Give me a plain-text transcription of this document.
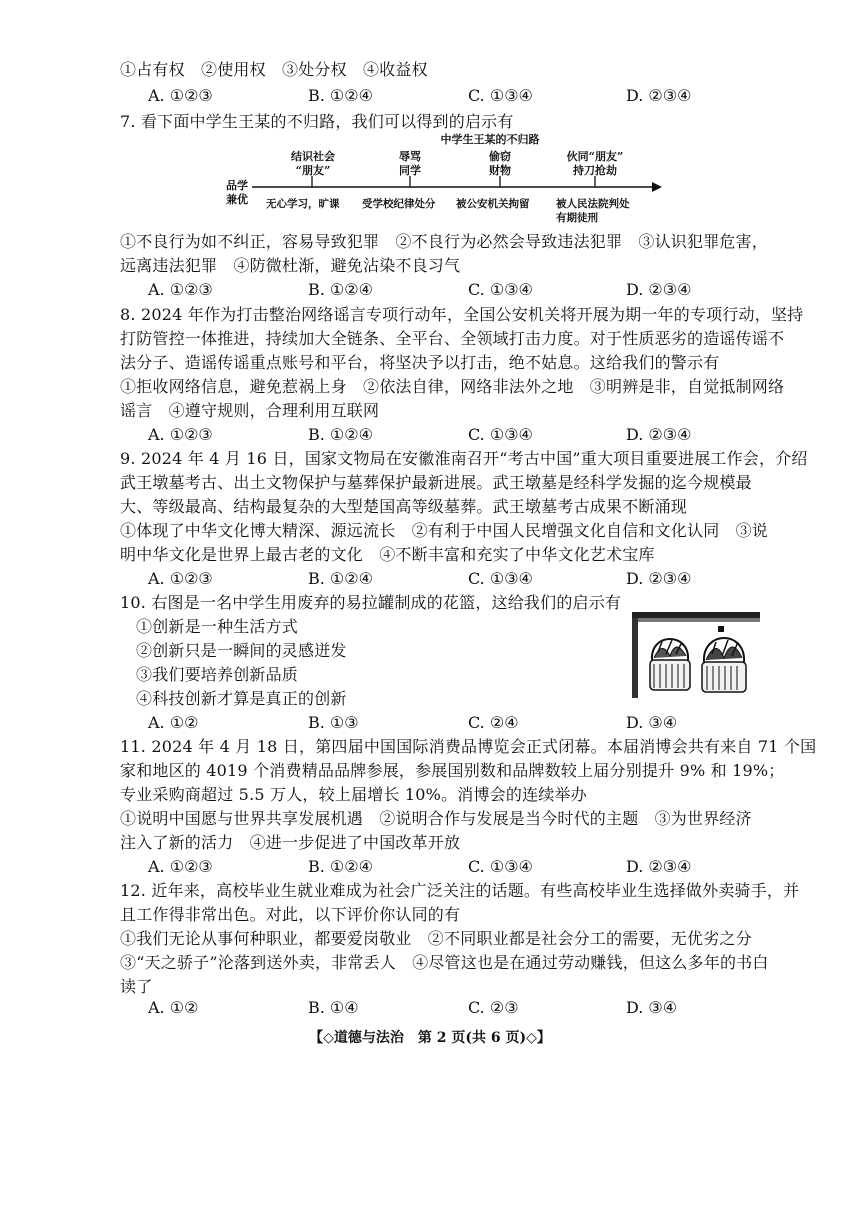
①占有权　②使用权　③处分权　④收益权
A. ①②③	B. ①②④	C. ①③④	D. ②③④
7. 看下面中学生王某的不归路，我们可以得到的启示有
中学生王某的不归路
品学
兼优
结识社会
“朋友”
辱骂
同学
偷窃
财物
伙同“朋友”
持刀抢劫
无心学习，旷课 受学校纪律处分 被公安机关拘留	被人民法院判处
有期徒刑
①不良行为如不纠正，容易导致犯罪　②不良行为必然会导致违法犯罪　③认识犯罪危害，
远离违法犯罪　④防微杜渐，避免沾染不良习气
A. ①②③	B. ①②④	C. ①③④	D. ②③④
8. 2024 年作为打击整治网络谣言专项行动年，全国公安机关将开展为期一年的专项行动，坚持
打防管控一体推进，持续加大全链条、全平台、全领域打击力度。对于性质恶劣的造谣传谣不
法分子、造谣传谣重点账号和平台，将坚决予以打击，绝不姑息。这给我们的警示有
①拒收网络信息，避免惹祸上身　②依法自律，网络非法外之地　③明辨是非，自觉抵制网络
谣言　④遵守规则，合理利用互联网
A. ①②③	B. ①②④	C. ①③④	D. ②③④
9. 2024 年 4 月 16 日，国家文物局在安徽淮南召开“考古中国”重大项目重要进展工作会，介绍
武王墩墓考古、出土文物保护与墓葬保护最新进展。武王墩墓是经科学发掘的迄今规模最
大、等级最高、结构最复杂的大型楚国高等级墓葬。武王墩墓考古成果不断涌现
①体现了中华文化博大精深、源远流长　②有利于中国人民增强文化自信和文化认同　③说
明中华文化是世界上最古老的文化　④不断丰富和充实了中华文化艺术宝库
A. ①②③	B. ①②④	C. ①③④	D. ②③④
10. 右图是一名中学生用废弃的易拉罐制成的花篮，这给我们的启示有
①创新是一种生活方式
②创新只是一瞬间的灵感迸发
③我们要培养创新品质
④科技创新才算是真正的创新
A. ①②	B. ①③	C. ②④	D. ③④
11. 2024 年 4 月 18 日，第四届中国国际消费品博览会正式闭幕。本届消博会共有来自 71 个国
家和地区的 4019 个消费精品品牌参展，参展国别数和品牌数较上届分别提升 9% 和 19%；
专业采购商超过 5.5 万人，较上届增长 10%。消博会的连续举办
①说明中国愿与世界共享发展机遇　②说明合作与发展是当今时代的主题　③为世界经济
注入了新的活力　④进一步促进了中国改革开放
A. ①②③	B. ①②④	C. ①③④	D. ②③④
12. 近年来，高校毕业生就业难成为社会广泛关注的话题。有些高校毕业生选择做外卖骑手，并
且工作得非常出色。对此，以下评价你认同的有
①我们无论从事何种职业，都要爱岗敬业　②不同职业都是社会分工的需要，无优劣之分
③“天之骄子”沦落到送外卖，非常丢人　④尽管这也是在通过劳动赚钱，但这么多年的书白
读了
A. ①②	B. ①④	C. ②③	D. ③④
【◇道德与法治　第 2 页(共 6 页)◇】
